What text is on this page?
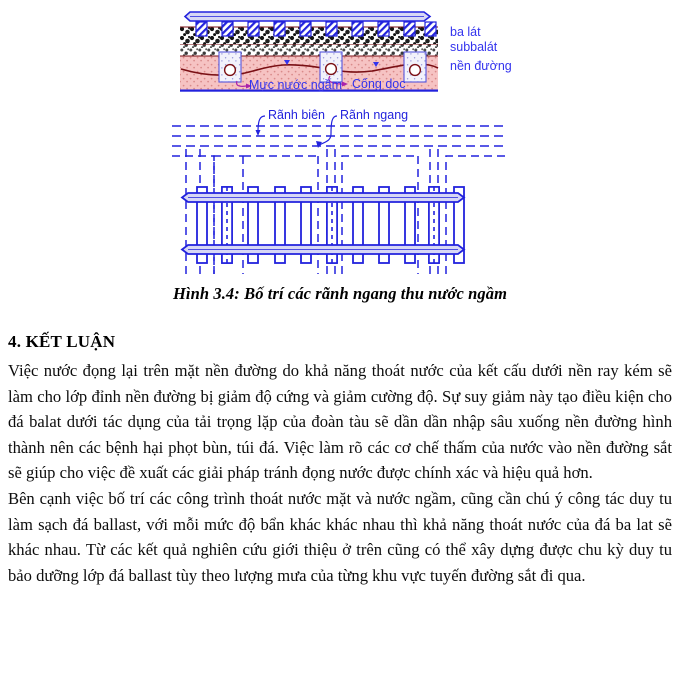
ba lát
subbalát
nền đường
Mực nước ngầm Cống dọc
Rãnh biên Rãnh ngang
Hình 3.4: Bố trí các rãnh ngang thu nước ngầm
4. KẾT LUẬN

Việc nước đọng lại trên mặt nền đường do khả năng thoát nước của kết cấu dưới nền ray kém sẽ làm cho lớp đỉnh nền đường bị giảm độ cứng và giảm cường độ. Sự suy giảm này tạo điều kiện cho đá balat dưới tác dụng của tải trọng lặp của đoàn tàu sẽ dần dần nhập sâu xuống nền đường hình thành nên các bệnh hại phọt bùn, túi đá. Việc làm rõ các cơ chế thấm của nước vào nền đường sắt sẽ giúp cho việc đề xuất các giải pháp tránh đọng nước được chính xác và hiệu quả hơn.

Bên cạnh việc bố trí các công trình thoát nước mặt và nước ngầm, cũng cần chú ý công tác duy tu làm sạch đá ballast, với mỗi mức độ bẩn khác khác nhau thì khả năng thoát nước của đá ba lat sẽ khác nhau. Từ các kết quả nghiên cứu giới thiệu ở trên cũng có thể xây dựng được chu kỳ duy tu bảo dưỡng lớp đá ballast tùy theo lượng mưa của từng khu vực tuyến đường sắt đi qua.
